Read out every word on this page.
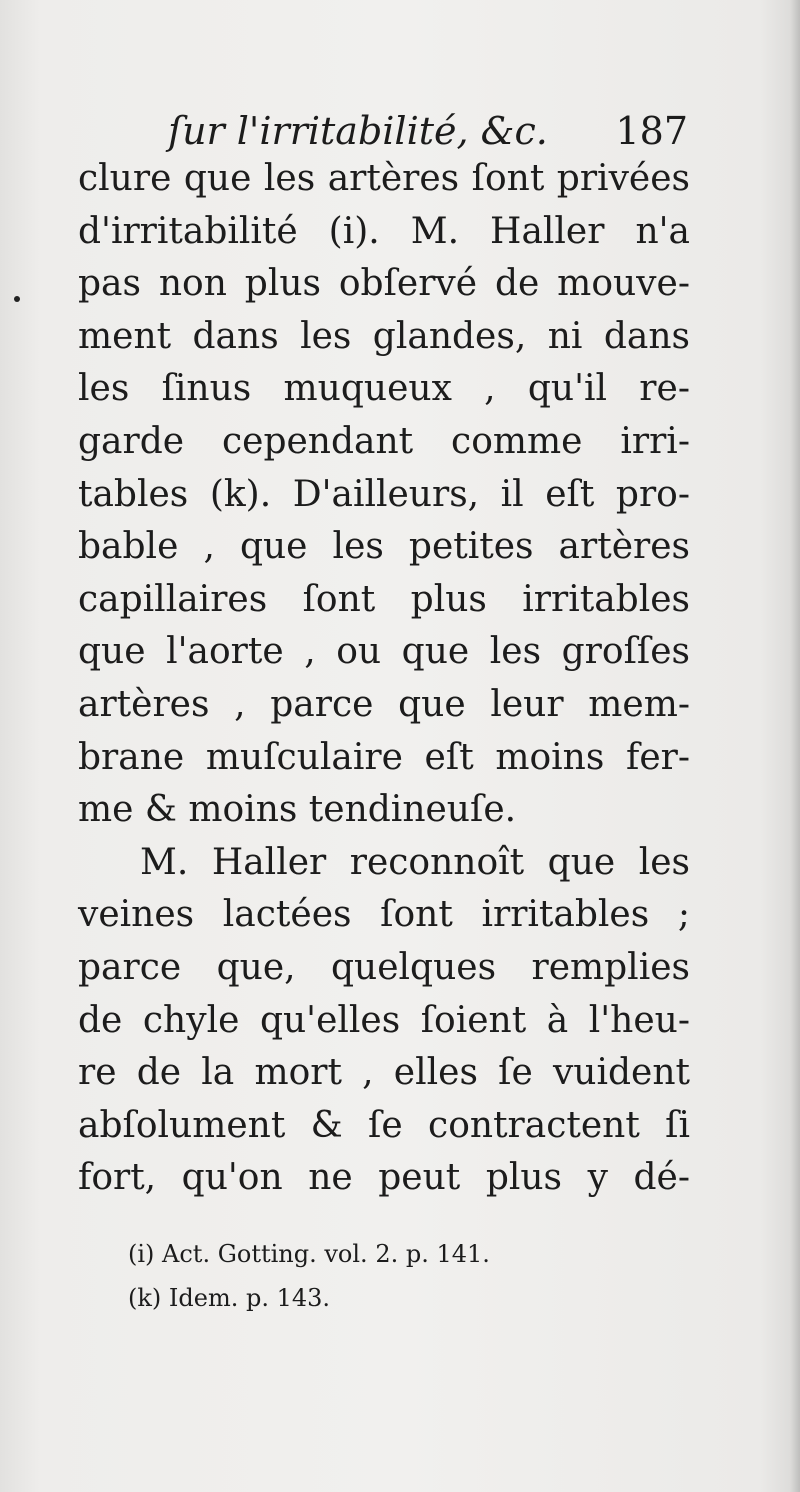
ſur l'irritabilité, &c. 187
clure que les artères ſont privées
d'irritabilité (i). M. Haller n'a
pas non plus obſervé de mouve-
ment dans les glandes, ni dans
les ſinus muqueux , qu'il re-
garde cependant comme irri-
tables (k). D'ailleurs, il eſt pro-
bable , que les petites artères
capillaires ſont plus irritables
que l'aorte , ou que les groſſes
artères , parce que leur mem-
brane muſculaire eſt moins fer-
me & moins tendineuſe.
M. Haller reconnoît que les
veines lactées ſont irritables ;
parce que, quelques remplies
de chyle qu'elles ſoient à l'heu-
re de la mort , elles ſe vuident
abſolument & ſe contractent ſi
fort, qu'on ne peut plus y dé-
(i) Act. Gotting. vol. 2. p. 141.
(k) Idem. p. 143.
